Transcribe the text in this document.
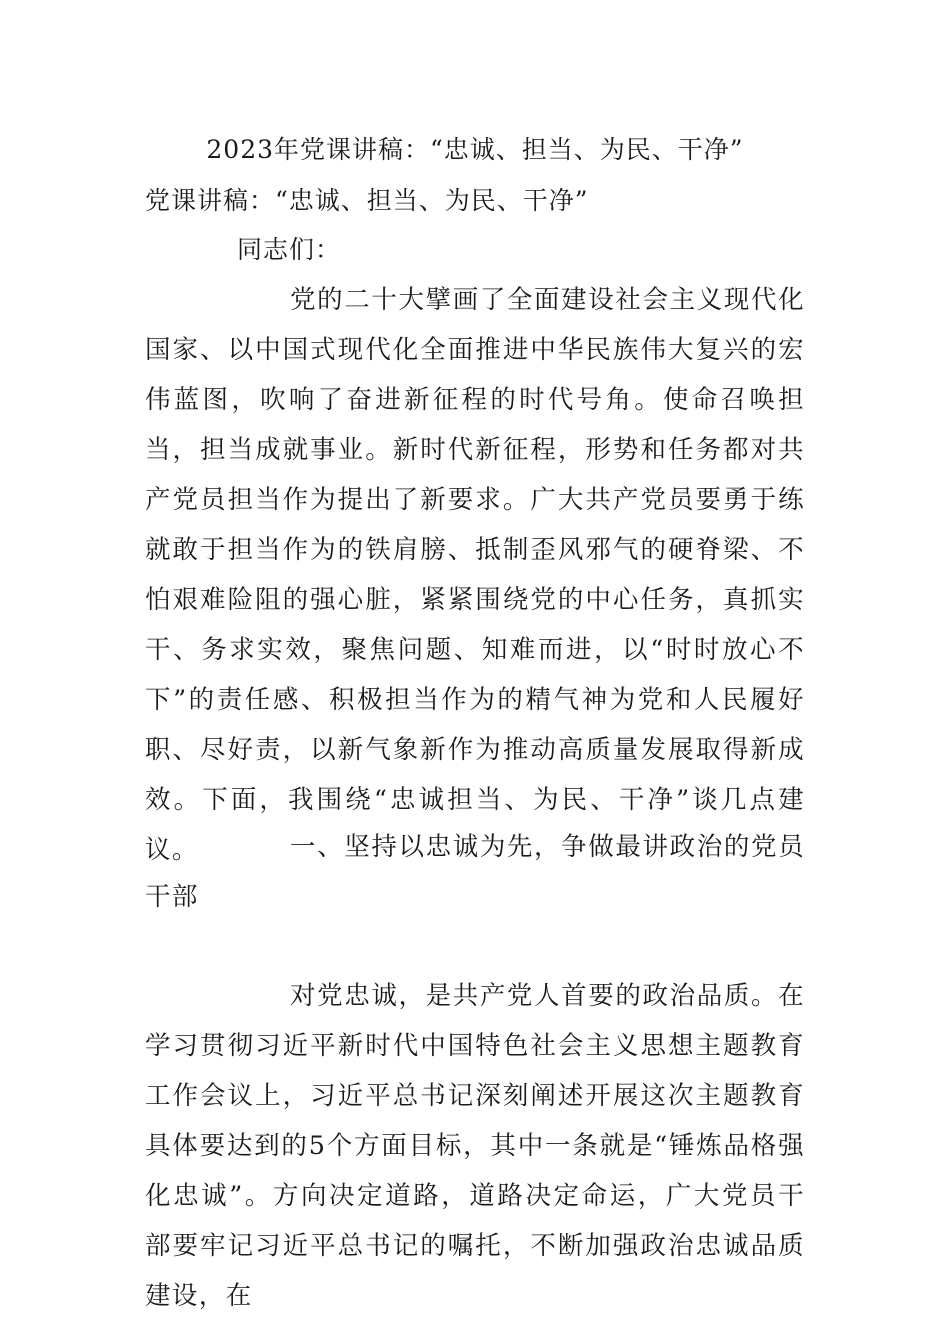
2023年党课讲稿：“忠诚、担当、为民、干净”
党课讲稿：“忠诚、担当、为民、干净”
同志们：

党的二十大擘画了全面建设社会主义现代化国家、以中国式现代化全面推进中华民族伟大复兴的宏伟蓝图，吹响了奋进新征程的时代号角。使命召唤担当，担当成就事业。新时代新征程，形势和任务都对共产党员担当作为提出了新要求。广大共产党员要勇于练就敢于担当作为的铁肩膀、抵制歪风邪气的硬脊梁、不怕艰难险阻的强心脏，紧紧围绕党的中心任务，真抓实干、务求实效，聚焦问题、知难而进，以“时时放心不下”的责任感、积极担当作为的精气神为党和人民履好职、尽好责，以新气象新作为推动高质量发展取得新成效。下面，我围绕“忠诚担当、为民、干净”谈几点建议。	一、坚持以忠诚为先，争做最讲政治的党员干部

对党忠诚，是共产党人首要的政治品质。在学习贯彻习近平新时代中国特色社会主义思想主题教育工作会议上，习近平总书记深刻阐述开展这次主题教育具体要达到的5个方面目标，其中一条就是“锤炼品格强化忠诚”。方向决定道路，道路决定命运，广大党员干部要牢记习近平总书记的嘱托，不断加强政治忠诚品质建设，在
